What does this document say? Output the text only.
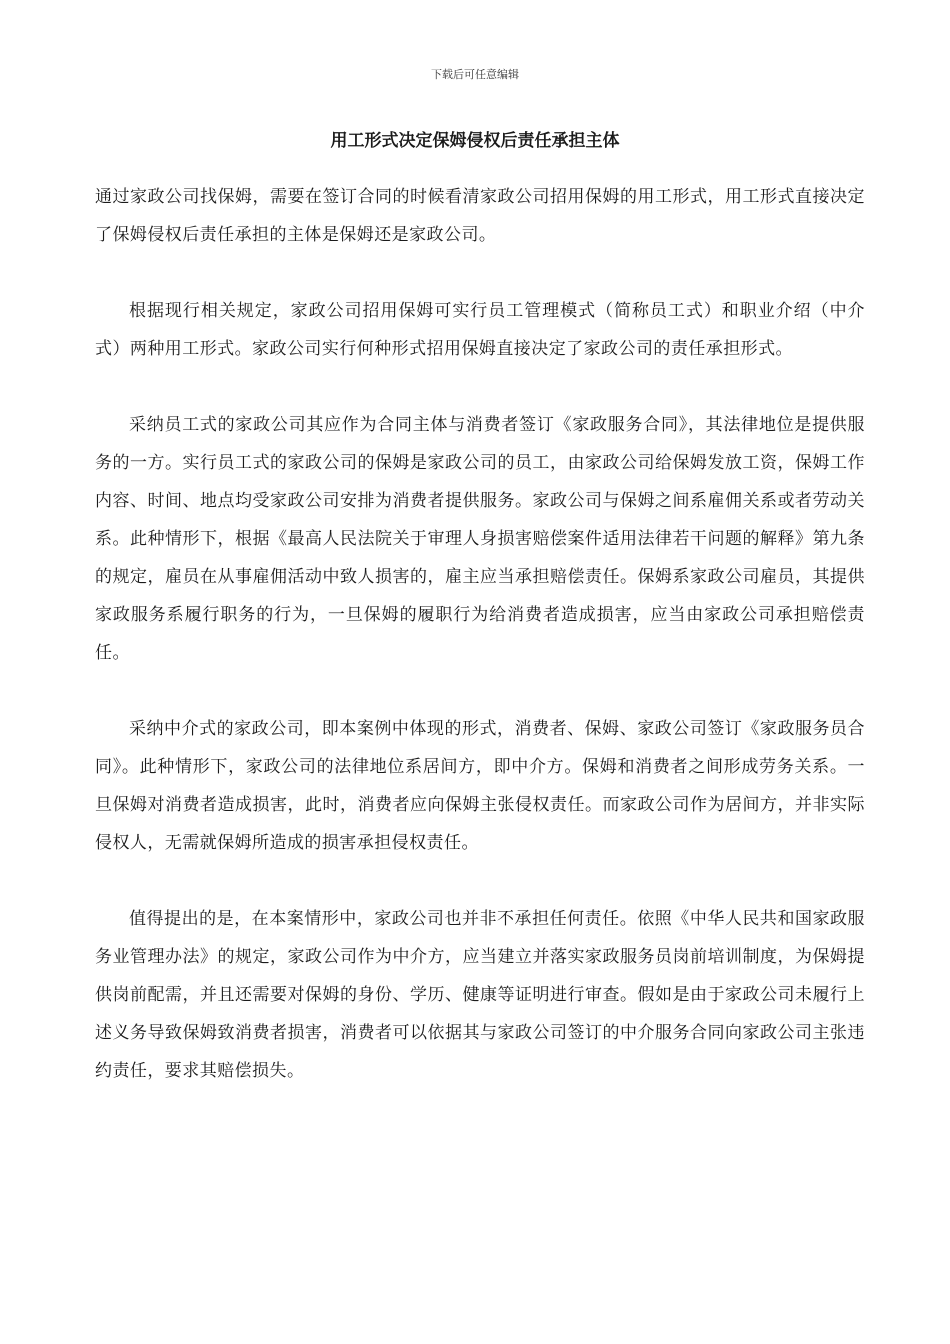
下载后可任意编辑
用工形式决定保姆侵权后责任承担主体

通过家政公司找保姆，需要在签订合同的时候看清家政公司招用保姆的用工形式，用工形式直接决定了保姆侵权后责任承担的主体是保姆还是家政公司。

根据现行相关规定，家政公司招用保姆可实行员工管理模式（简称员工式）和职业介绍（中介式）两种用工形式。家政公司实行何种形式招用保姆直接决定了家政公司的责任承担形式。

采纳员工式的家政公司其应作为合同主体与消费者签订《家政服务合同》，其法律地位是提供服务的一方。实行员工式的家政公司的保姆是家政公司的员工，由家政公司给保姆发放工资，保姆工作内容、时间、地点均受家政公司安排为消费者提供服务。家政公司与保姆之间系雇佣关系或者劳动关系。此种情形下，根据《最高人民法院关于审理人身损害赔偿案件适用法律若干问题的解释》第九条的规定，雇员在从事雇佣活动中致人损害的，雇主应当承担赔偿责任。保姆系家政公司雇员，其提供家政服务系履行职务的行为，一旦保姆的履职行为给消费者造成损害，应当由家政公司承担赔偿责任。

采纳中介式的家政公司，即本案例中体现的形式，消费者、保姆、家政公司签订《家政服务员合同》。此种情形下，家政公司的法律地位系居间方，即中介方。保姆和消费者之间形成劳务关系。一旦保姆对消费者造成损害，此时，消费者应向保姆主张侵权责任。而家政公司作为居间方，并非实际侵权人，无需就保姆所造成的损害承担侵权责任。

值得提出的是，在本案情形中，家政公司也并非不承担任何责任。依照《中华人民共和国家政服务业管理办法》的规定，家政公司作为中介方，应当建立并落实家政服务员岗前培训制度，为保姆提供岗前配需，并且还需要对保姆的身份、学历、健康等证明进行审查。假如是由于家政公司未履行上述义务导致保姆致消费者损害，消费者可以依据其与家政公司签订的中介服务合同向家政公司主张违约责任，要求其赔偿损失。
